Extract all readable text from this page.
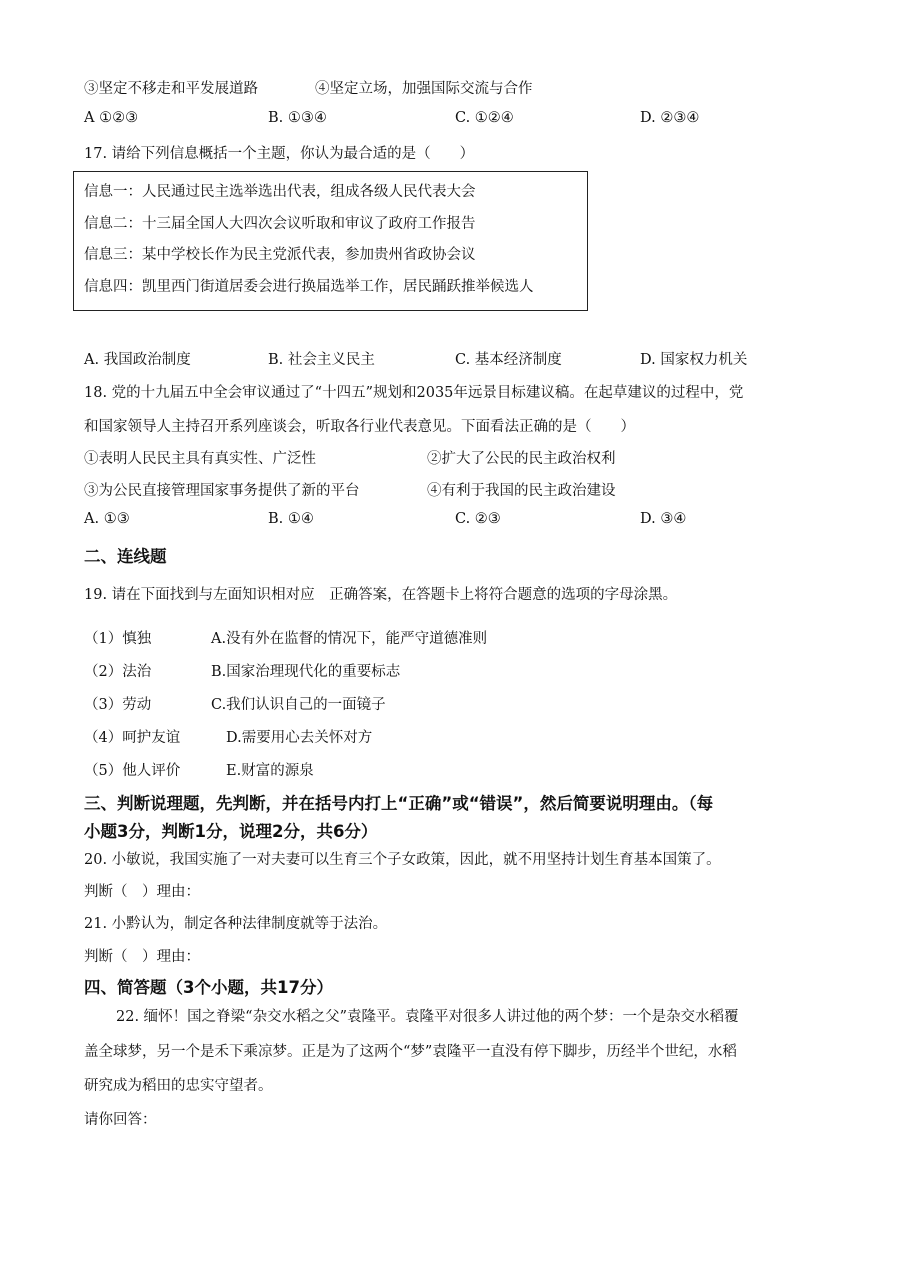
③坚定不移走和平发展道路	④坚定立场，加强国际交流与合作
A ①②③	B. ①③④	C. ①②④	D. ②③④
17. 请给下列信息概括一个主题，你认为最合适的是（　　）
信息一：人民通过民主选举选出代表，组成各级人民代表大会
信息二：十三届全国人大四次会议听取和审议了政府工作报告
信息三：某中学校长作为民主党派代表，参加贵州省政协会议
信息四：凯里西门街道居委会进行换届选举工作，居民踊跃推举候选人
A. 我国政治制度	B. 社会主义民主	C. 基本经济制度	D. 国家权力机关
18. 党的十九届五中全会审议通过了“十四五”规划和2035年远景目标建议稿。在起草建议的过程中，党
和国家领导人主持召开系列座谈会，听取各行业代表意见。下面看法正确的是（　　）
①表明人民民主具有真实性、广泛性	②扩大了公民的民主政治权利
③为公民直接管理国家事务提供了新的平台	④有利于我国的民主政治建设
A. ①③	B. ①④	C. ②③	D. ③④
二、连线题
19. 请在下面找到与左面知识相对应　正确答案，在答题卡上将符合题意的选项的字母涂黑。
（1）慎独	A.没有外在监督的情况下，能严守道德准则
（2）法治	B.国家治理现代化的重要标志
（3）劳动	C.我们认识自己的一面镜子
（4）呵护友谊	D.需要用心去关怀对方
（5）他人评价	E.财富的源泉
三、判断说理题，先判断，并在括号内打上“正确”或“错误”，然后简要说明理由。（每
小题3分，判断1分，说理2分，共6分）
20. 小敏说，我国实施了一对夫妻可以生育三个子女政策，因此，就不用坚持计划生育基本国策了。
判断（　）理由：
21. 小黔认为，制定各种法律制度就等于法治。
判断（　）理由：
四、简答题（3个小题，共17分）
22. 缅怀！国之脊梁“杂交水稻之父”袁隆平。袁隆平对很多人讲过他的两个梦：一个是杂交水稻覆
盖全球梦，另一个是禾下乘凉梦。正是为了这两个“梦”袁隆平一直没有停下脚步，历经半个世纪，水稻
研究成为稻田的忠实守望者。
请你回答：
